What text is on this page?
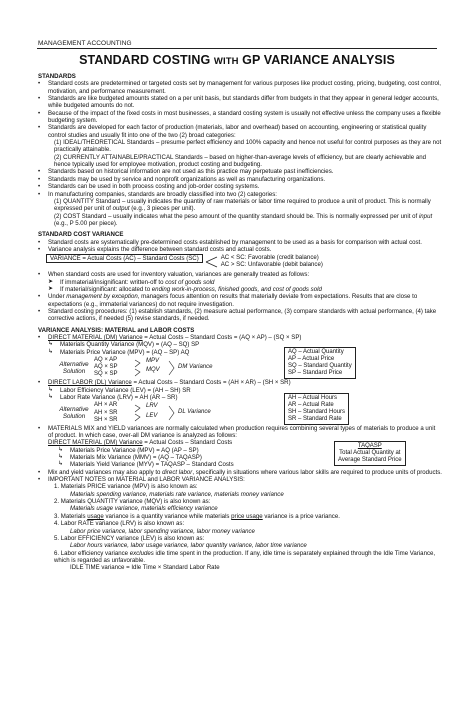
MANAGEMENT ACCOUNTING
STANDARD COSTING WITH GP VARIANCE ANALYSIS
STANDARDS
• Standard costs are predetermined or targeted costs set by management for various purposes like product costing, pricing, budgeting, cost control, motivation, and performance measurement.
• Standards are like budgeted amounts stated on a per unit basis, but standards differ from budgets in that they appear in general ledger accounts, while budgeted amounts do not.
• Because of the impact of the fixed costs in most businesses, a standard costing system is usually not effective unless the company uses a flexible budgeting system.
• Standards are developed for each factor of production (materials, labor and overhead) based on accounting, engineering or statistical quality control studies and usually fit into one of the two (2) broad categories:
(1) IDEAL/THEORETICAL Standards – presume perfect efficiency and 100% capacity and hence not useful for control purposes as they are not practically attainable.
(2) CURRENTLY ATTAINABLE/PRACTICAL Standards – based on higher-than-average levels of efficiency, but are clearly achievable and hence typically used for employee motivation, product costing and budgeting.
• Standards based on historical information are not used as this practice may perpetuate past inefficiencies.
• Standards may be used by service and nonprofit organizations as well as manufacturing organizations.
• Standards can be used in both process costing and job-order costing systems.
• In manufacturing companies, standards are broadly classified into two (2) categories:
(1) QUANTITY Standard – usually indicates the quantity of raw materials or labor time required to produce a unit of product. This is normally expressed per unit of output (e.g., 3 pieces per unit).
(2) COST Standard – usually indicates what the peso amount of the quantity standard should be. This is normally expressed per unit of input (e.g., P 5.00 per piece).
STANDARD COST VARIANCE
• Standard costs are systematically pre-determined costs established by management to be used as a basis for comparison with actual cost.
• Variance analysis explains the difference between standard costs and actual costs.
VARIANCE = Actual Costs (AC) – Standard Costs (SC)	AC < SC: Favorable (credit balance)
AC > SC: Unfavorable (debit balance)
• When standard costs are used for inventory valuation, variances are generally treated as follows:
➤ If immaterial/insignificant: written-off to cost of goods sold
➤ If material/significant: allocated to ending work-in-process, finished goods, and cost of goods sold
• Under management by exception, managers focus attention on results that materially deviate from expectations. Results that are close to expectations (e.g., immaterial variances) do not require investigation.
• Standard costing procedures: (1) establish standards, (2) measure actual performance, (3) compare standards with actual performance, (4) take corrective actions, if needed (5) revise standards, if needed.
VARIANCE ANALYSIS: MATERIAL and LABOR COSTS
• DIRECT MATERIAL (DM) Variance = Actual Costs – Standard Costs = (AQ × AP) – (SQ × SP)
↳ Materials Quantity Variance (MQV) = (AQ – SQ) SP
↳ Materials Price Variance (MPV) = (AQ – SP) AQ
Alternative Solution
AQ × AP
AQ × SP
SQ × SP
MPV
MQV
DM Variance
AQ – Actual Quantity
AP – Actual Price
SQ – Standard Quantity
SP – Standard Price
• DIRECT LABOR (DL) Variance = Actual Costs – Standard Costs = (AH × AR) – (SH × SR)
↳ Labor Efficiency Variance (LEV) = (AH – SH) SR
↳ Labor Rate Variance (LRV) = AH (AR – SR)
Alternative Solution
AH × AR
AH × SR
SH × SR
LRV
LEV
DL Variance
AH – Actual Hours
AR – Actual Rate
SH – Standard Hours
SR – Standard Rate
• MATERIALS MIX and YIELD variances are normally calculated when production requires combining several types of materials to produce a unit of product. In which case, over-all DM variance is analyzed as follows:
DIRECT MATERIAL (DM) Variance = Actual Costs – Standard Costs
↳ Materials Price Variance (MPV) = AQ (AP – SP)
↳ Materials Mix Variance (MMV) = (AQ – TAQASP)
↳ Materials Yield Variance (MYV) = TAQASP – Standard Costs
TAQASP
Total Actual Quantity at
Average Standard Price
• Mix and yield variances may also apply to direct labor, specifically in situations where various labor skills are required to produce units of products.
• IMPORTANT NOTES on MATERIAL and LABOR VARIANCE ANALYSIS:
1. Materials PRICE variance (MPV) is also known as:
Materials spending variance, materials rate variance, materials money variance
2. Materials QUANTITY variance (MQV) is also known as:
Materials usage variance, materials efficiency variance
3. Materials usage variance is a quantity variance while materials price usage variance is a price variance.
4. Labor RATE variance (LRV) is also known as:
Labor price variance, labor spending variance, labor money variance
5. Labor EFFICIENCY variance (LEV) is also known as:
Labor hours variance, labor usage variance, labor quantity variance, labor time variance
6. Labor efficiency variance excludes idle time spent in the production. If any, idle time is separately explained through the Idle Time Variance, which is regarded as unfavorable.
IDLE TIME variance = Idle Time × Standard Labor Rate
